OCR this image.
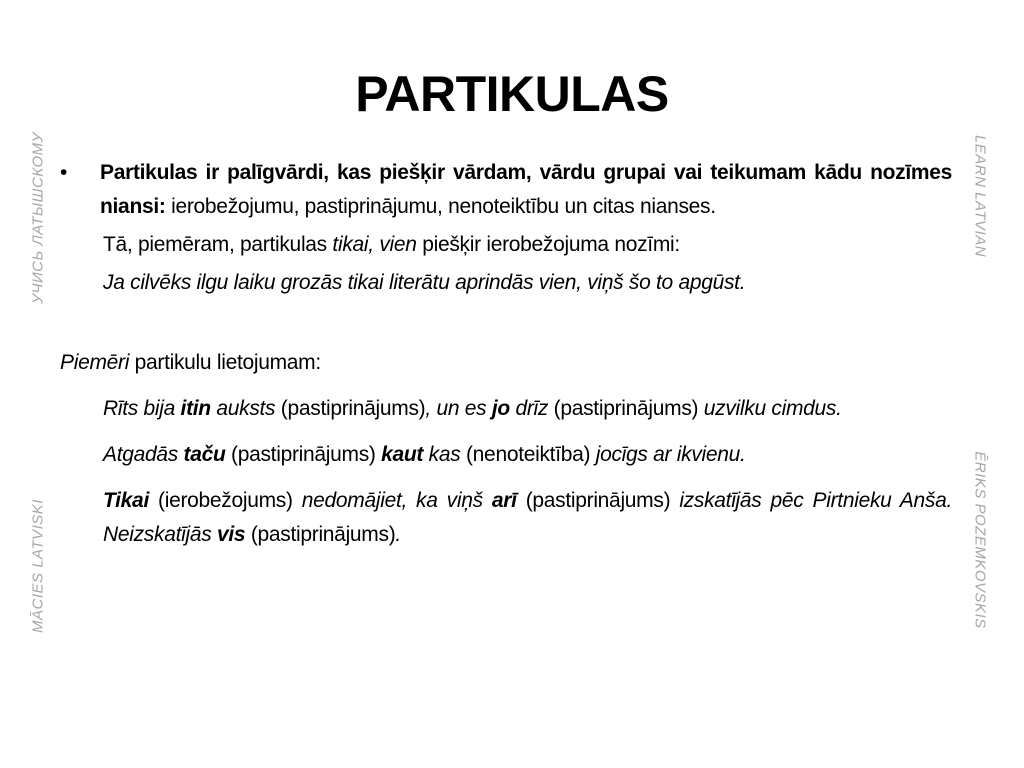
PARTIKULAS
УЧИСЬ ЛАТЫШСКОМУ
MĀCIES LATVISKI
LEARN LATVIAN
ĒRIKS POZEMKOVSKIS
• Partikulas ir palīgvārdi, kas piešķir vārdam, vārdu grupai vai teikumam kādu nozīmes niansi: ierobežojumu, pastiprinājumu, nenoteiktību un citas nianses.
Tā, piemēram, partikulas tikai, vien piešķir ierobežojuma nozīmi:
Ja cilvēks ilgu laiku grozās tikai literātu aprindās vien, viņš šo to apgūst.
Piemēri partikulu lietojumam:
Rīts bija itin auksts (pastiprinājums), un es jo drīz (pastiprinājums) uzvilku cimdus.
Atgadās taču (pastiprinājums) kaut kas (nenoteiktība) jocīgs ar ikvienu.
Tikai (ierobežojums) nedomājiet, ka viņš arī (pastiprinājums) izskatījās pēc Pirtnieku Anša. Neizskatījās vis (pastiprinājums).
